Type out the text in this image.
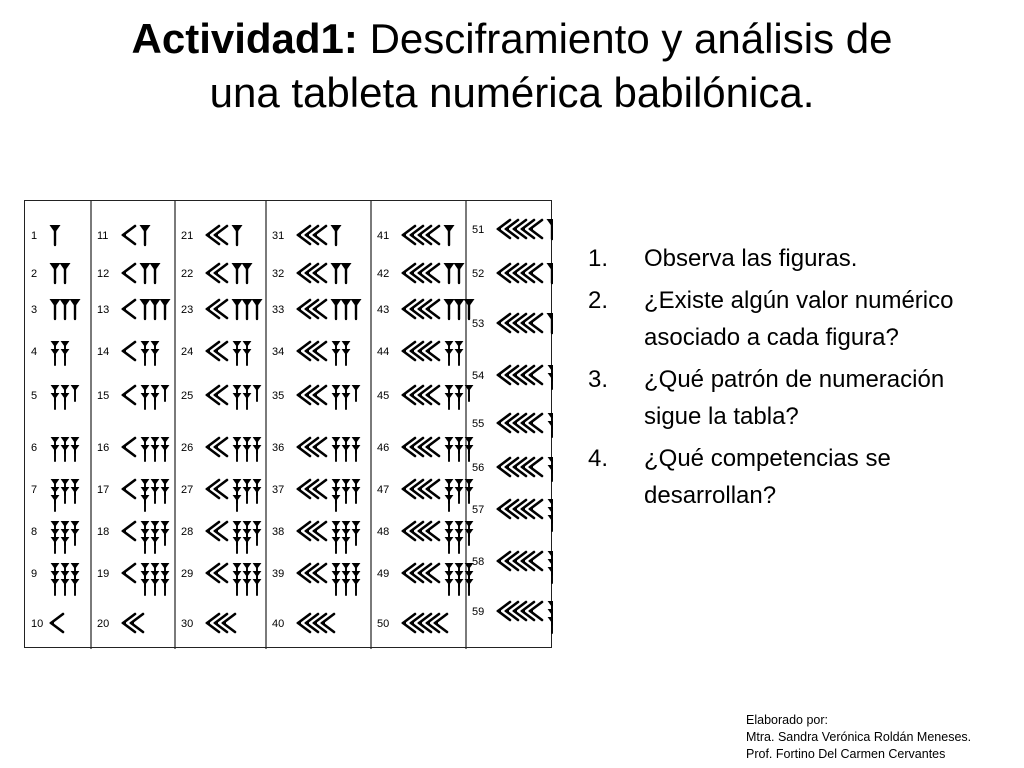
Actividad1: Desciframiento y análisis de
una tableta numérica babilónica.
1
2
3
4
5
6
7
8
9
10
11
12
13
14
15
16
17
18
19
20
21
22
23
24
25
26
27
28
29
30
31
32
33
34
35
36
37
38
39
40
41
42
43
44
45
46
47
48
49
50
51
52
53
54
55
56
57
58
59
1. Observa las figuras.
2. ¿Existe algún valor numérico asociado a cada figura?
3. ¿Qué patrón de numeración sigue la tabla?
4. ¿Qué competencias se desarrollan?
Elaborado por:
Mtra. Sandra Verónica Roldán Meneses.
Prof. Fortino Del Carmen Cervantes
